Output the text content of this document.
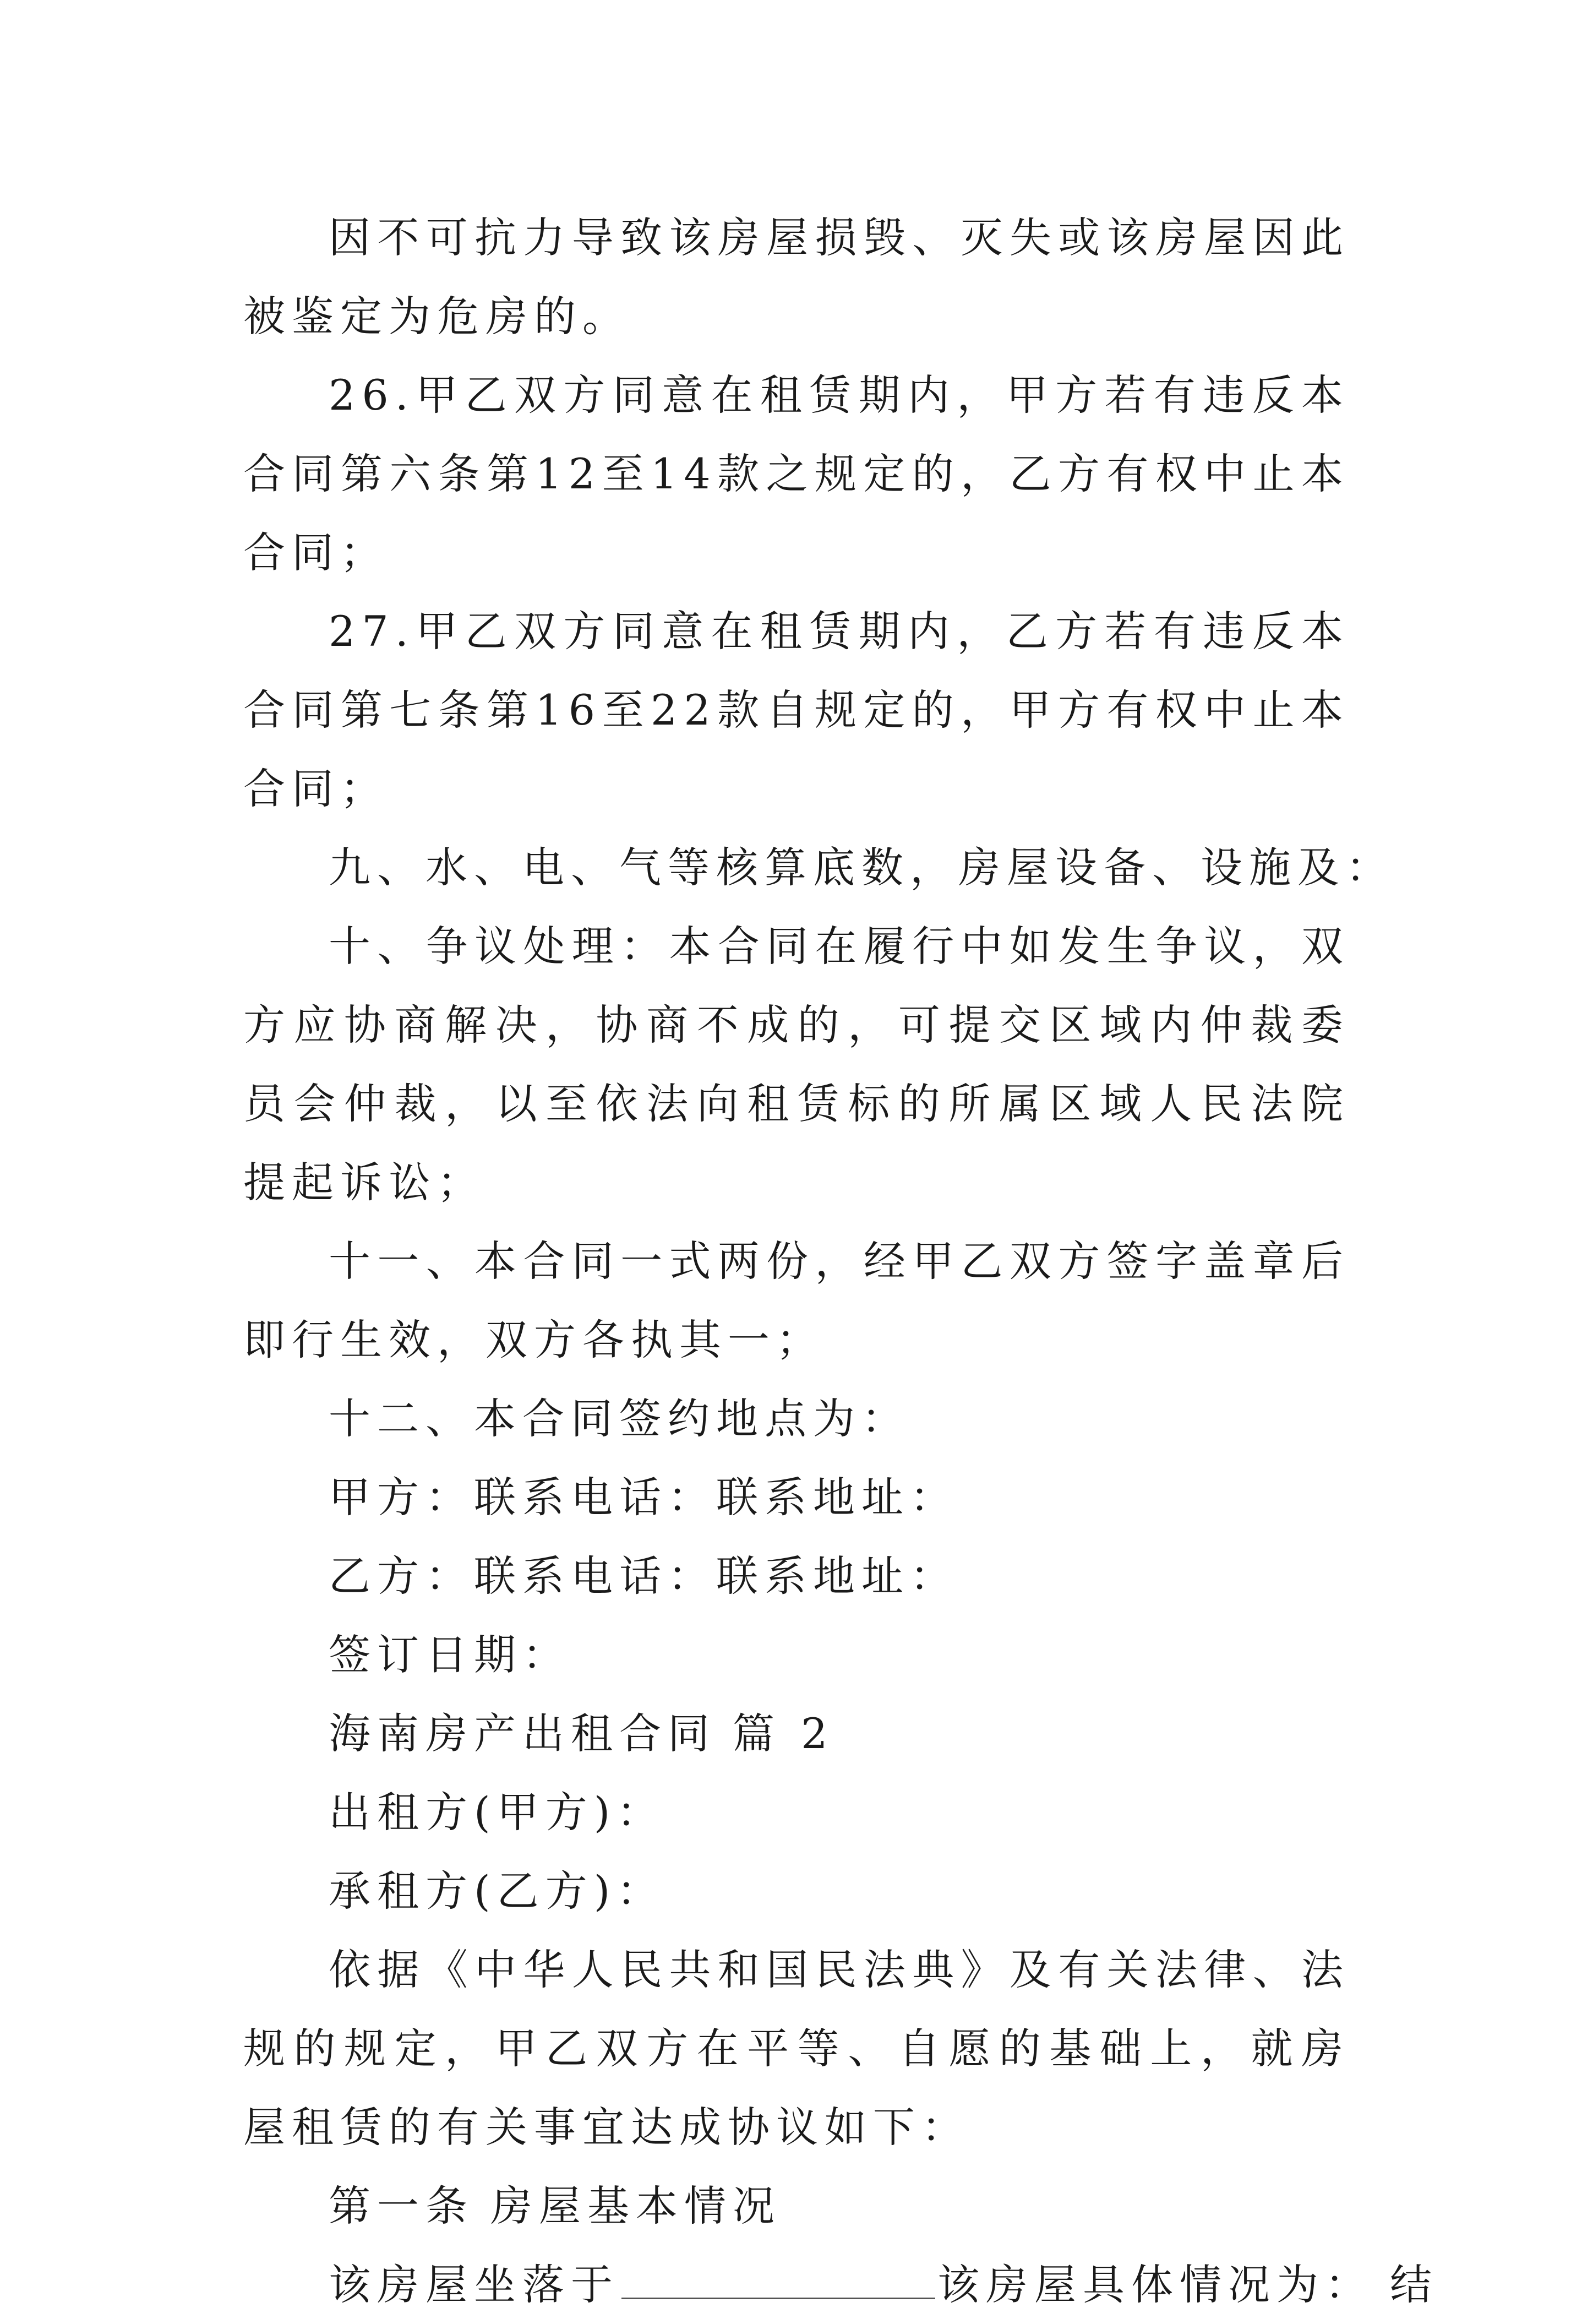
因不可抗力导致该房屋损毁、灭失或该房屋因此被鉴定为危房的。

26.甲乙双方同意在租赁期内，甲方若有违反本合同第六条第12至14款之规定的，乙方有权中止本合同；

27.甲乙双方同意在租赁期内，乙方若有违反本合同第七条第16至22款自规定的，甲方有权中止本合同；

九、水、电、气等核算底数，房屋设备、设施及：

十、争议处理：本合同在履行中如发生争议，双方应协商解决，协商不成的，可提交区域内仲裁委员会仲裁，以至依法向租赁标的所属区域人民法院提起诉讼；

十一、本合同一式两份，经甲乙双方签字盖章后即行生效，双方各执其一；

十二、本合同签约地点为：

甲方：联系电话：联系地址：

乙方：联系电话：联系地址：

签订日期：

海南房产出租合同 篇 2

出租方(甲方)：

承租方(乙方)：

依据《中华人民共和国民法典》及有关法律、法规的规定，甲乙双方在平等、自愿的基础上，就房屋租赁的有关事宜达成协议如下：

第一条 房屋基本情况

该房屋坐落于	该房屋具体情况为： 结
